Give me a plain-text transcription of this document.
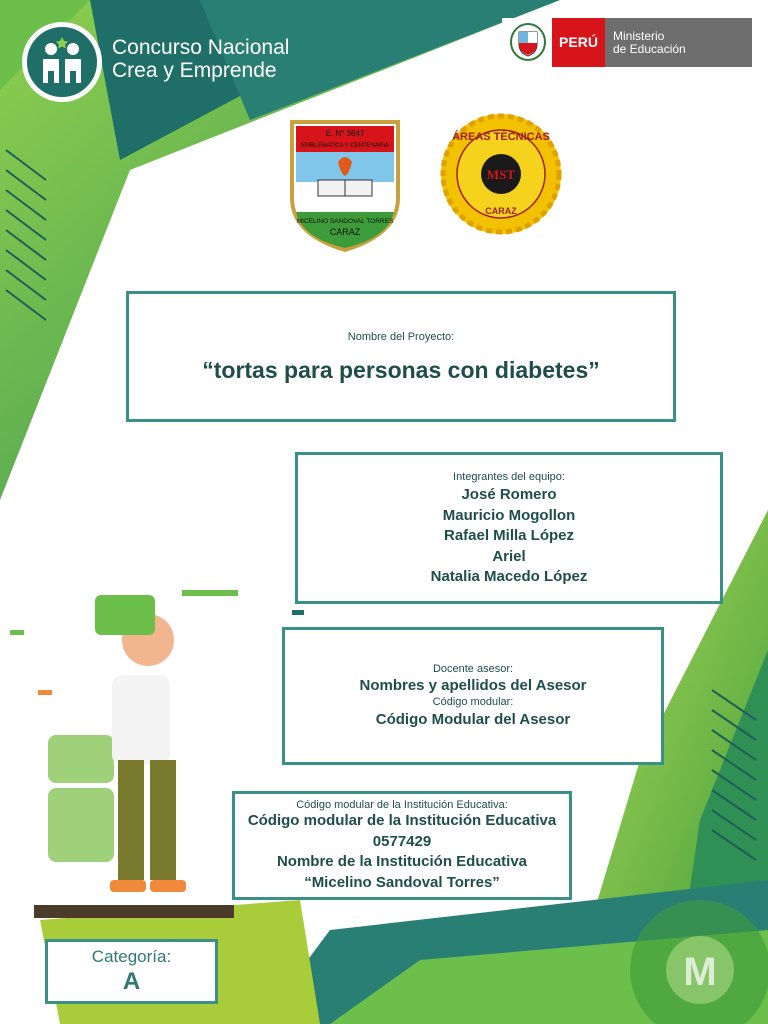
M
Concurso Nacional
Crea y Emprende
PERÚ	Ministerio
de Educación
E. N° 3647
EMBLEMATICA Y CENTENARIA
MICELINO SANDOVAL TORRES
CARAZ
ÁREAS TÉCNICAS
MST
CARAZ
Nombre del Proyecto:
“tortas para personas con diabetes”
Integrantes del equipo:
José Romero
Mauricio Mogollon
Rafael Milla López
Ariel
Natalia Macedo López
Docente asesor:
Nombres y apellidos del Asesor
Código modular:
Código Modular del Asesor
Código modular de la Institución Educativa:
Código modular de la Institución Educativa
0577429
Nombre de la Institución Educativa
“Micelino Sandoval Torres”
Categoría:
A
